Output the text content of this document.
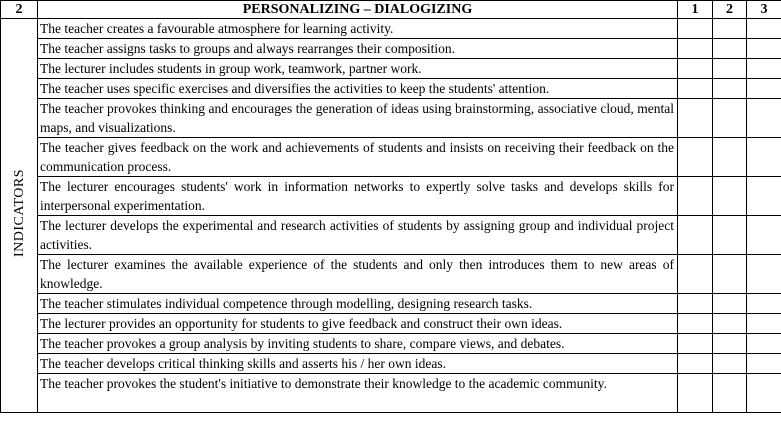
2	PERSONALIZING – DIALOGIZING	1	2	3
INDICATORS	The teacher creates a favourable atmosphere for learning activity.			
	The teacher assigns tasks to groups and always rearranges their composition.			
	The lecturer includes students in group work, teamwork, partner work.			
	The teacher uses specific exercises and diversifies the activities to keep the students' attention.			
	The teacher provokes thinking and encourages the generation of ideas using brainstorming, associative cloud, mental maps, and visualizations.			
	The teacher gives feedback on the work and achievements of students and insists on receiving their feedback on the communication process.			
	The lecturer encourages students' work in information networks to expertly solve tasks and develops skills for interpersonal experimentation.			
	The lecturer develops the experimental and research activities of students by assigning group and individual project activities.			
	The lecturer examines the available experience of the students and only then introduces them to new areas of knowledge.			
	The teacher stimulates individual competence through modelling, designing research tasks.			
	The lecturer provides an opportunity for students to give feedback and construct their own ideas.			
	The teacher provokes a group analysis by inviting students to share, compare views, and debates.			
	The teacher develops critical thinking skills and asserts his / her own ideas.			
	The teacher provokes the student's initiative to demonstrate their knowledge to the academic community.			
